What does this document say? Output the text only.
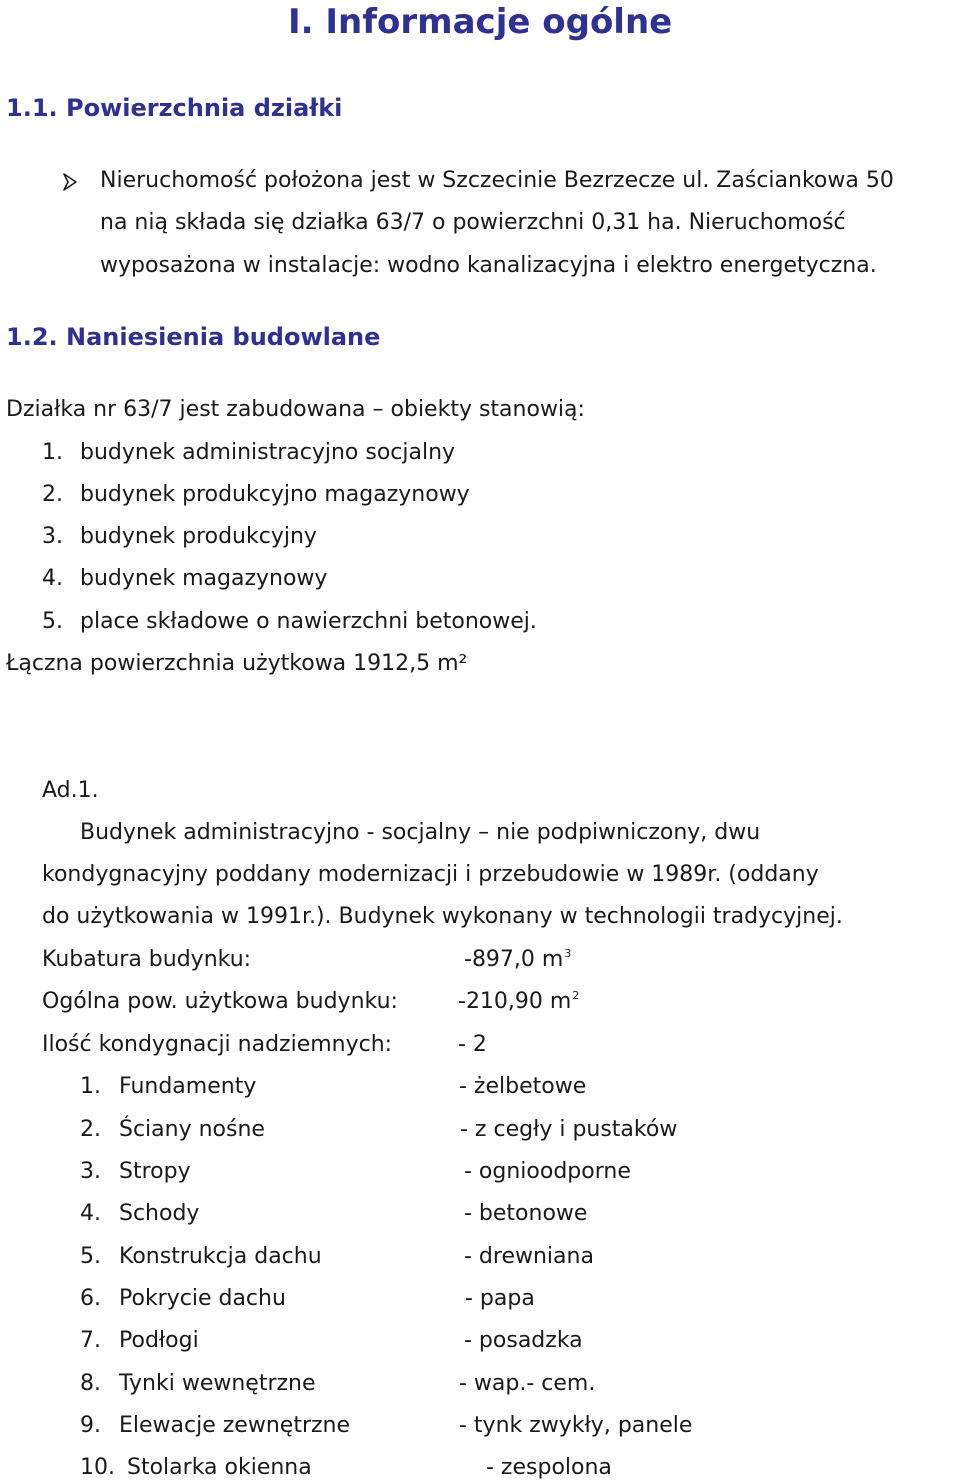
I. Informacje ogólne
1.1. Powierzchnia działki
Nieruchomość położona jest w Szczecinie Bezrzecze ul. Zaściankowa 50
na nią składa się działka 63/7 o powierzchni 0,31 ha. Nieruchomość
wyposażona w instalacje: wodno kanalizacyjna i elektro energetyczna.
1.2. Naniesienia budowlane
Działka nr 63/7 jest zabudowana – obiekty stanowią:
1. budynek administracyjno socjalny
2. budynek produkcyjno magazynowy
3. budynek produkcyjny
4. budynek magazynowy
5. place składowe o nawierzchni betonowej.
Łączna powierzchnia użytkowa 1912,5 m²
Ad.1.
Budynek administracyjno - socjalny – nie podpiwniczony, dwu
kondygnacyjny poddany modernizacji i przebudowie w 1989r. (oddany
do użytkowania w 1991r.). Budynek wykonany w technologii tradycyjnej.
Kubatura budynku:	-897,0 $m^3$
Ogólna pow. użytkowa budynku:	-210,90 $m^2$
Ilość kondygnacji nadziemnych:	- 2
1. Fundamenty	- żelbetowe
2. Ściany nośne	- z cegły i pustaków
3. Stropy	- ognioodporne
4. Schody	- betonowe
5. Konstrukcja dachu	- drewniana
6. Pokrycie dachu	- papa
7. Podłogi	- posadzka
8. Tynki wewnętrzne	- wap.- cem.
9. Elewacje zewnętrzne	- tynk zwykły, panele
10. Stolarka okienna	- zespolona
